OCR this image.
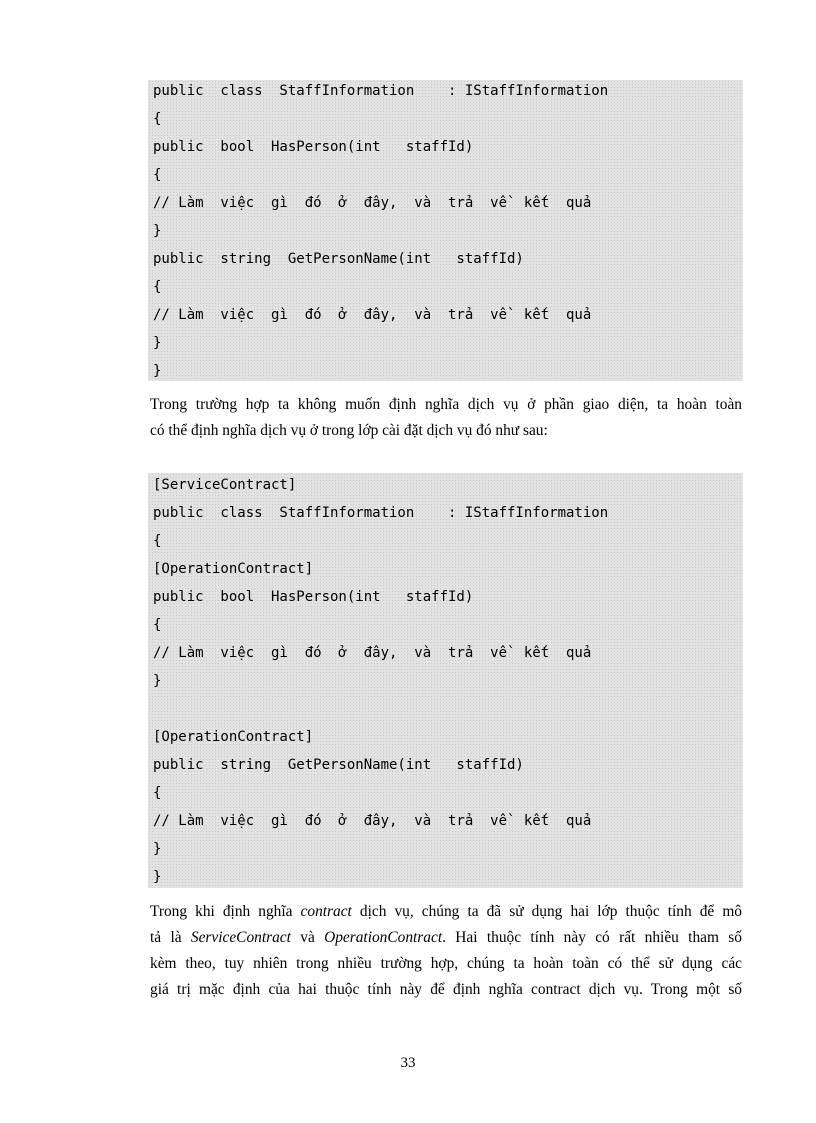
public  class  StaffInformation    : IStaffInformation
{
public  bool  HasPerson(int   staffId)
{
// Làm  việc  gì  đó  ở  đây,  và  trả  về  kết  quả
}
public  string  GetPersonName(int   staffId)
{
// Làm  việc  gì  đó  ở  đây,  và  trả  về  kết  quả
}
}

Trong trường hợp ta không muốn định nghĩa dịch vụ ở phần giao diện, ta hoàn toàn

có thể định nghĩa dịch vụ ở trong lớp cài đặt dịch vụ đó như sau:

[ServiceContract]
public  class  StaffInformation    : IStaffInformation
{
[OperationContract]
public  bool  HasPerson(int   staffId)
{
// Làm  việc  gì  đó  ở  đây,  và  trả  về  kết  quả
}
[OperationContract]
public  string  GetPersonName(int   staffId)
{
// Làm  việc  gì  đó  ở  đây,  và  trả  về  kết  quả
}
}

Trong khi định nghĩa contract dịch vụ, chúng ta đã sử dụng hai lớp thuộc tính để mô

tả là ServiceContract và OperationContract. Hai thuộc tính này có rất nhiều tham số

kèm theo, tuy nhiên trong nhiều trường hợp, chúng ta hoàn toàn có thể sử dụng các

giá trị mặc định của hai thuộc tính này để định nghĩa contract dịch vụ. Trong một số

33
